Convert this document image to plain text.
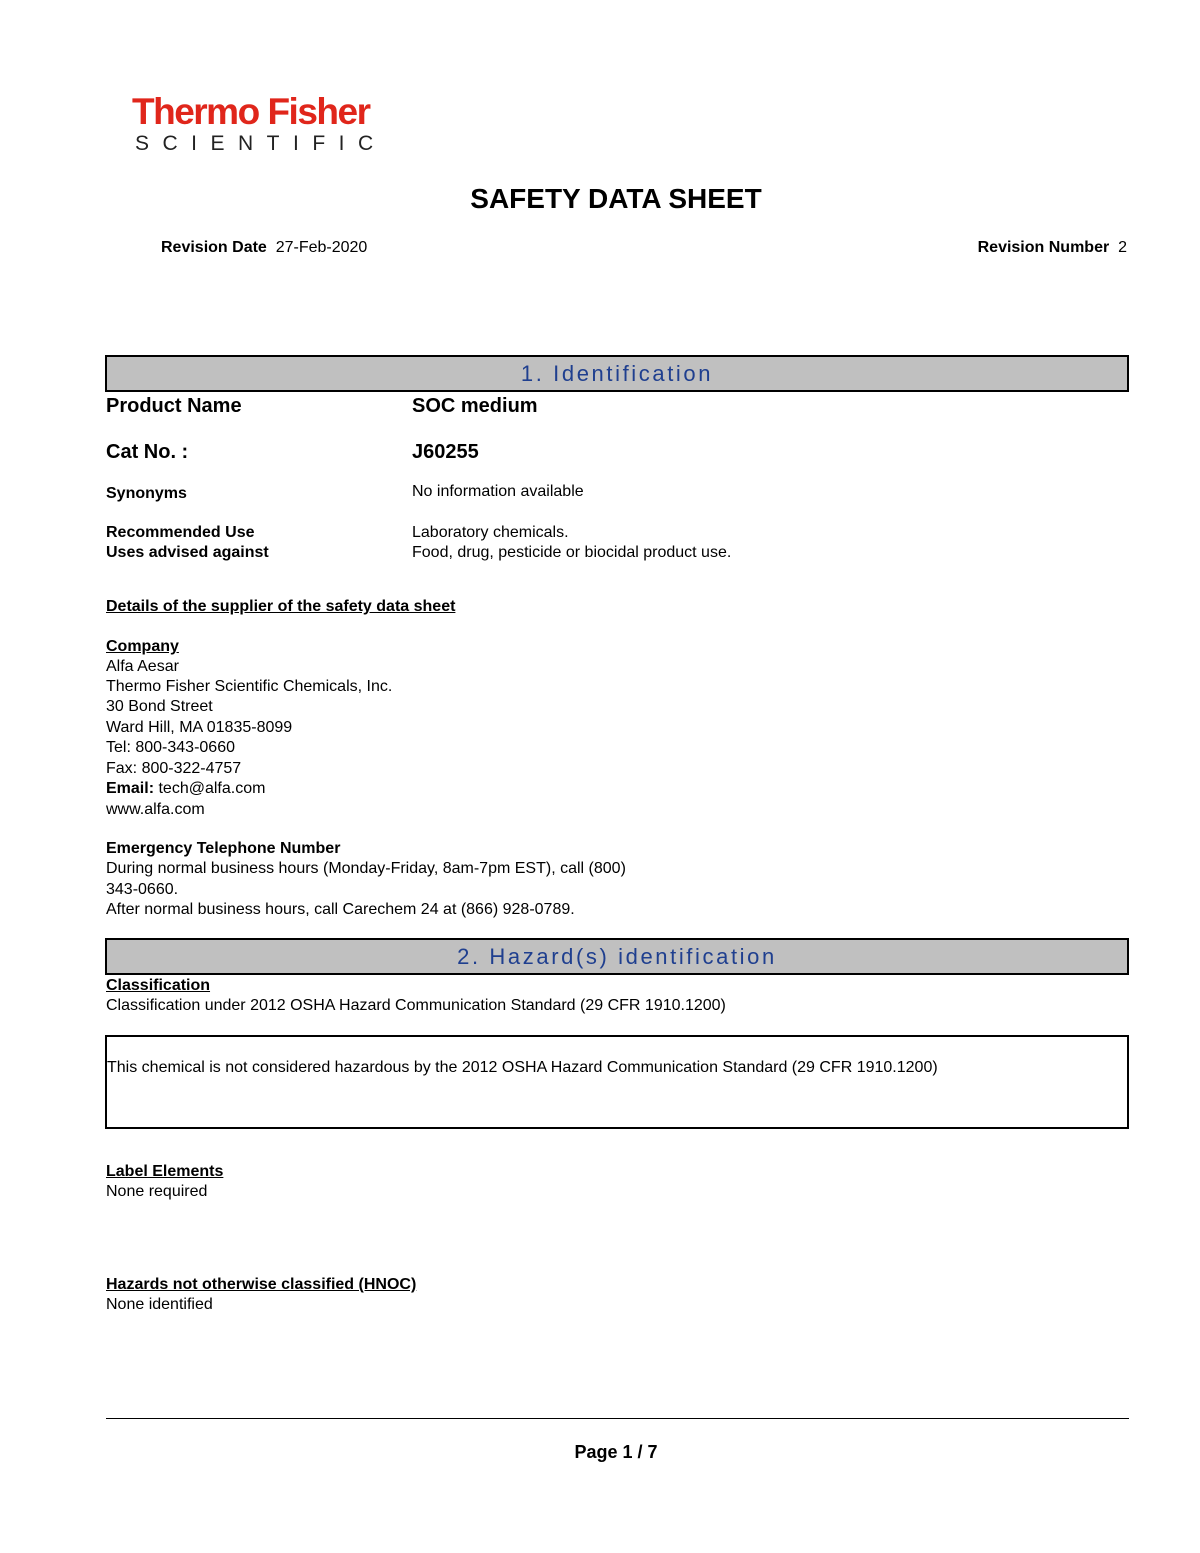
Thermo Fisher
SCIENTIFIC
SAFETY DATA SHEET
Revision Date 27-Feb-2020	Revision Number 2
1. Identification
Product Name	SOC medium
Cat No. :	J60255
Synonyms	No information available
Recommended Use	Laboratory chemicals.
Uses advised against	Food, drug, pesticide or biocidal product use.
Details of the supplier of the safety data sheet
Company
Alfa Aesar
Thermo Fisher Scientific Chemicals, Inc.
30 Bond Street
Ward Hill, MA 01835-8099
Tel: 800-343-0660
Fax: 800-322-4757
Email: tech@alfa.com
www.alfa.com
Emergency Telephone Number
During normal business hours (Monday-Friday, 8am-7pm EST), call (800)
343-0660.
After normal business hours, call Carechem 24 at (866) 928-0789.
2. Hazard(s) identification
Classification
Classification under 2012 OSHA Hazard Communication Standard (29 CFR 1910.1200)
This chemical is not considered hazardous by the 2012 OSHA Hazard Communication Standard (29 CFR 1910.1200)
Label Elements
None required
Hazards not otherwise classified (HNOC)
None identified
Page 1 / 7
